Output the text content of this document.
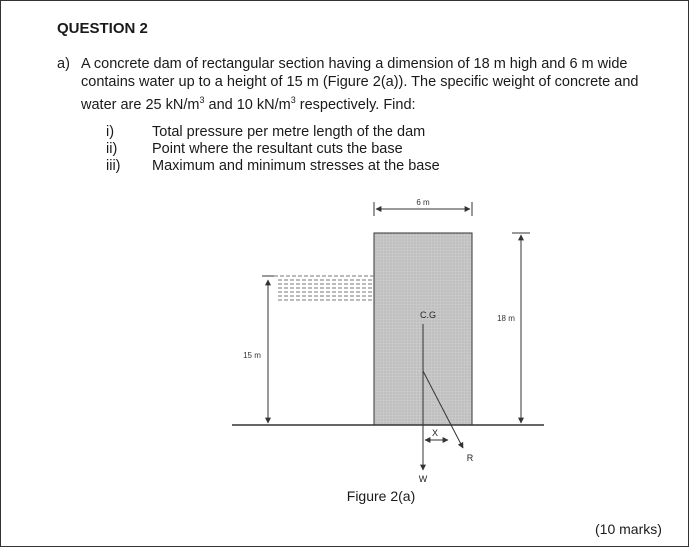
QUESTION 2
a) A concrete dam of rectangular section having a dimension of 18 m high and 6 m wide
contains water up to a height of 15 m (Figure 2(a)). The specific weight of concrete and
water are 25 $kN/m^3$ and 10 $kN/m^3$ respectively. Find:
i)	Total pressure per metre length of the dam
ii) Point where the resultant cuts the base
iii) Maximum and minimum stresses at the base
6 m
15 m
18 m
C.G
W
R
X
Figure 2(a)
(10 marks)
